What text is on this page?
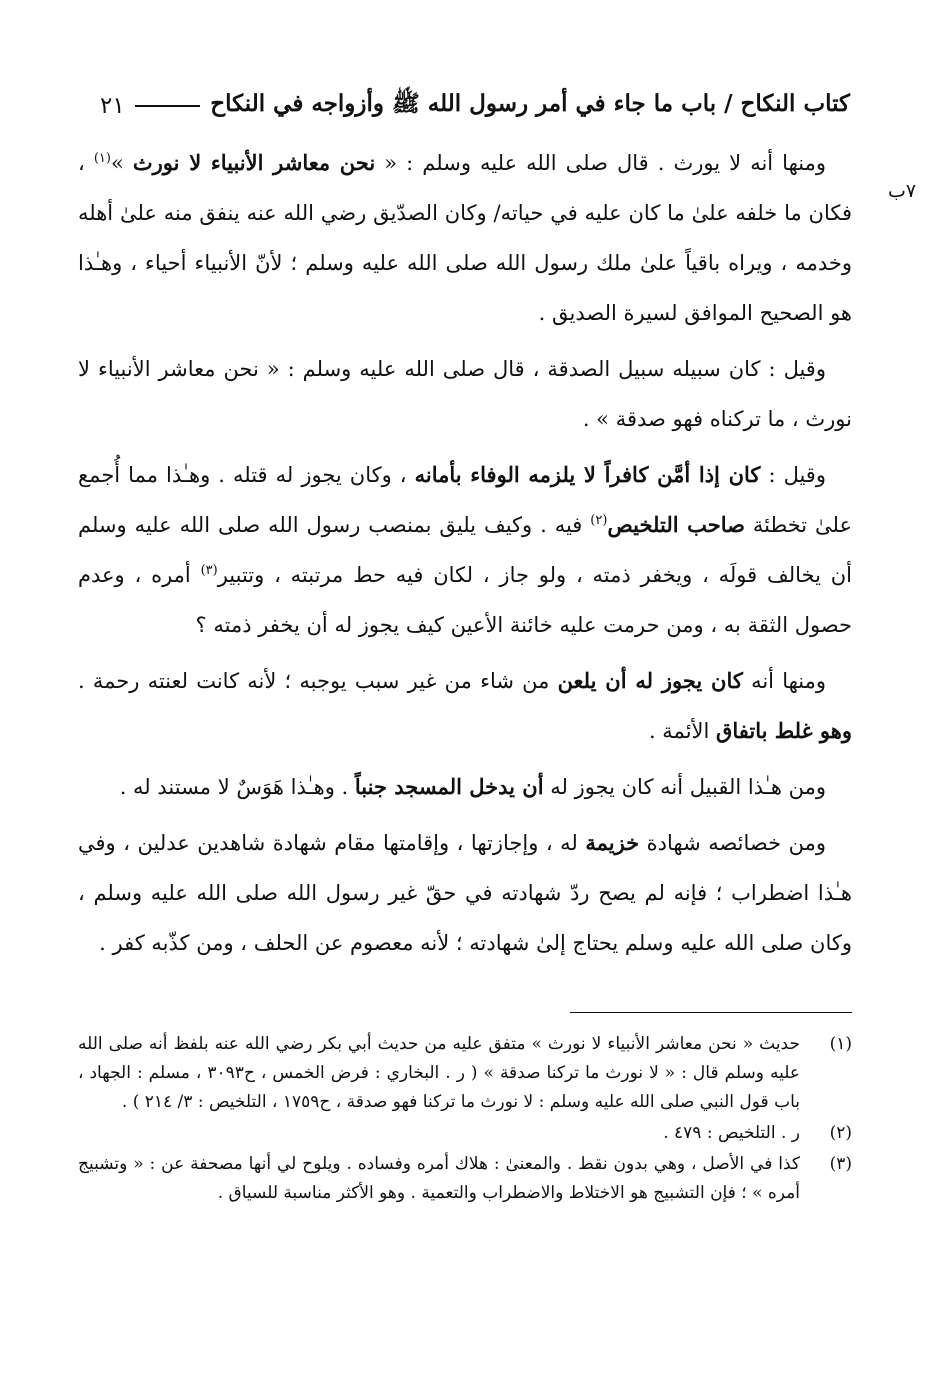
كتاب النكاح / باب ما جاء في أمر رسول الله ﷺ وأزواجه في النكاح
٢١
٧ب

ومنها أنه لا يورث . قال صلى الله عليه وسلم : « نحن معاشر الأنبياء لا نورث »$^{(١)}$ ، فكان ما خلفه علىٰ ما كان عليه في حياته/ وكان الصدّيق رضي الله عنه ينفق منه علىٰ أهله وخدمه ، ويراه باقياً علىٰ ملك رسول الله صلى الله عليه وسلم ؛ لأنّ الأنبياء أحياء ، وهـٰذا هو الصحيح الموافق لسيرة الصديق .

وقيل : كان سبيله سبيل الصدقة ، قال صلى الله عليه وسلم : « نحن معاشر الأنبياء لا نورث ، ما تركناه فهو صدقة » .

وقيل : كان إذا أمَّن كافراً لا يلزمه الوفاء بأمانه ، وكان يجوز له قتله . وهـٰذا مما أُجمع علىٰ تخطئة صاحب التلخيص$^{(٢)}$ فيه . وكيف يليق بمنصب رسول الله صلى الله عليه وسلم أن يخالف قولَه ، ويخفر ذمته ، ولو جاز ، لكان فيه حط مرتبته ، وتتبير$^{(٣)}$ أمره ، وعدم حصول الثقة به ، ومن حرمت عليه خائنة الأعين كيف يجوز له أن يخفر ذمته ؟

ومنها أنه كان يجوز له أن يلعن من شاء من غير سبب يوجبه ؛ لأنه كانت لعنته رحمة . وهو غلط باتفاق الأئمة .

ومن هـٰذا القبيل أنه كان يجوز له أن يدخل المسجد جنباً . وهـٰذا هَوَسٌ لا مستند له .

ومن خصائصه شهادة خزيمة له ، وإجازتها ، وإقامتها مقام شهادة شاهدين عدلين ، وفي هـٰذا اضطراب ؛ فإنه لم يصح ردّ شهادته في حقّ غير رسول الله صلى الله عليه وسلم ، وكان صلى الله عليه وسلم يحتاج إلىٰ شهادته ؛ لأنه معصوم عن الحلف ، ومن كذّبه كفر .

(١)
حديث « نحن معاشر الأنبياء لا نورث » متفق عليه من حديث أبي بكر رضي الله عنه بلفظ أنه صلى الله عليه وسلم قال : « لا نورث ما تركنا صدقة » ( ر . البخاري : فرض الخمس ، ح٣٠٩٣ ، مسلم : الجهاد ، باب قول النبي صلى الله عليه وسلم : لا نورث ما تركنا فهو صدقة ، ح١٧٥٩ ، التلخيص : ٣/ ٢١٤ ) .
(٢)
ر . التلخيص : ٤٧٩ .
(٣)
كذا في الأصل ، وهي بدون نقط . والمعنىٰ : هلاك أمره وفساده . ويلوح لي أنها مصحفة عن : « وتشبيج أمره » ؛ فإن التشبيج هو الاختلاط والاضطراب والتعمية . وهو الأكثر مناسبة للسياق .
